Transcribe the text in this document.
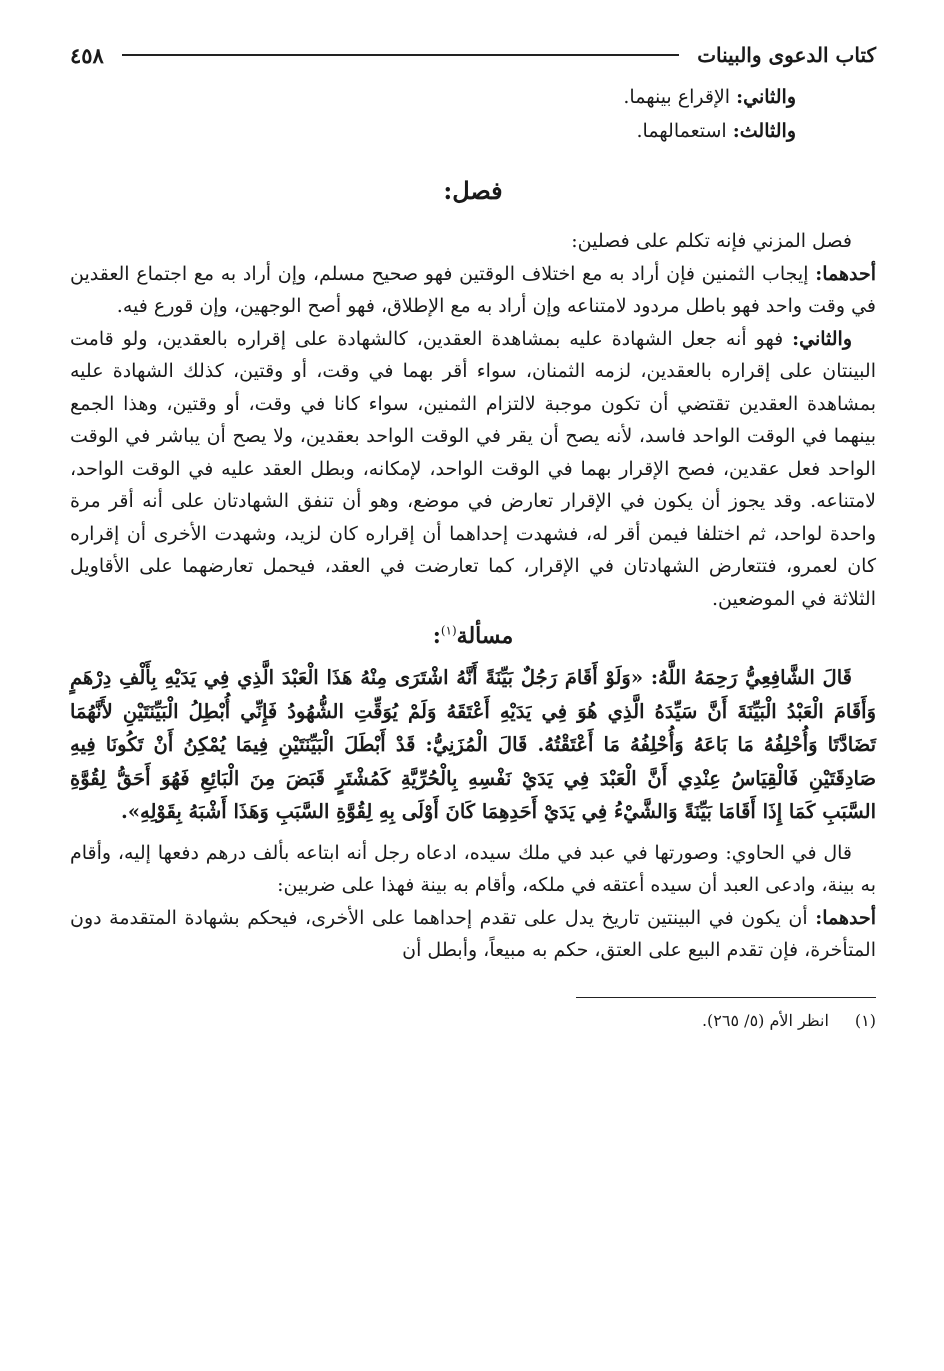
كتاب الدعوى والبينات
٤٥٨
والثاني: الإقراع بينهما.
والثالث: استعمالهما.
فصل:

فصل المزني فإنه تكلم على فصلين:

أحدهما: إيجاب الثمنين فإن أراد به مع اختلاف الوقتين فهو صحيح مسلم، وإن أراد به مع اجتماع العقدين في وقت واحد فهو باطل مردود لامتناعه وإن أراد به مع الإطلاق، فهو أصح الوجهين، وإن قورع فيه.

والثاني: فهو أنه جعل الشهادة عليه بمشاهدة العقدين، كالشهادة على إقراره بالعقدين، ولو قامت البينتان على إقراره بالعقدين، لزمه الثمنان، سواء أقر بهما في وقت، أو وقتين، كذلك الشهادة عليه بمشاهدة العقدين تقتضي أن تكون موجبة لالتزام الثمنين، سواء كانا في وقت، أو وقتين، وهذا الجمع بينهما في الوقت الواحد فاسد، لأنه يصح أن يقر في الوقت الواحد بعقدين، ولا يصح أن يباشر في الوقت الواحد فعل عقدين، فصح الإقرار بهما في الوقت الواحد، لإمكانه، وبطل العقد عليه في الوقت الواحد، لامتناعه. وقد يجوز أن يكون في الإقرار تعارض في موضع، وهو أن تنفق الشهادتان على أنه أقر مرة واحدة لواحد، ثم اختلفا فيمن أقر له، فشهدت إحداهما أن إقراره كان لزيد، وشهدت الأخرى أن إقراره كان لعمرو، فتتعارض الشهادتان في الإقرار، كما تعارضت في العقد، فيحمل تعارضهما على الأقاويل الثلاثة في الموضعين.

مسألة$^{(١)}$:

قَالَ الشَّافِعِيُّ رَحِمَهُ اللَّهُ: «وَلَوْ أَقَامَ رَجُلٌ بَيِّنَةً أَنَّهُ اشْتَرَى مِنْهُ هَذَا الْعَبْدَ الَّذِي فِي يَدَيْهِ بِأَلْفِ دِرْهَمٍ وَأَقَامَ الْعَبْدُ الْبَيِّنَةَ أَنَّ سَيِّدَهُ الَّذِي هُوَ فِي يَدَيْهِ أَعْتَقَهُ وَلَمْ يُوَقِّتِ الشُّهُودُ فَإِنِّي أُبْطِلُ الْبَيِّنَتَيْنِ لأَنَّهُمَا تَضَادَّتَا وَأُحْلِفُهُ مَا بَاعَهُ وَأُحْلِفُهُ مَا أَعْتَقْتُهُ. قَالَ الْمُزَنِيُّ: قَدْ أَبْطَلَ الْبَيِّنَتَيْنِ فِيمَا يُمْكِنُ أَنْ تَكُونَا فِيهِ صَادِقَتَيْنِ فَالْقِيَاسُ عِنْدِي أَنَّ الْعَبْدَ فِي يَدَيْ نَفْسِهِ بِالْحُرِّيَّةِ كَمُشْتَرٍ قَبَضَ مِنَ الْبَائِعِ فَهُوَ أَحَقُّ لِقُوَّةِ السَّبَبِ كَمَا إِذَا أَقَامَا بَيِّنَةً وَالشَّيْءُ فِي يَدَيْ أَحَدِهِمَا كَانَ أَوْلَى بِهِ لِقُوَّةِ السَّبَبِ وَهَذَا أَشْبَهُ بِقَوْلِهِ».

قال في الحاوي: وصورتها في عبد في ملك سيده، ادعاه رجل أنه ابتاعه بألف درهم دفعها إليه، وأقام به بينة، وادعى العبد أن سيده أعتقه في ملكه، وأقام به بينة فهذا على ضربين:

أحدهما: أن يكون في البينتين تاريخ يدل على تقدم إحداهما على الأخرى، فيحكم بشهادة المتقدمة دون المتأخرة، فإن تقدم البيع على العتق، حكم به مبيعاً، وأبطل أن

(١)انظر الأم (٥/ ٢٦٥).
